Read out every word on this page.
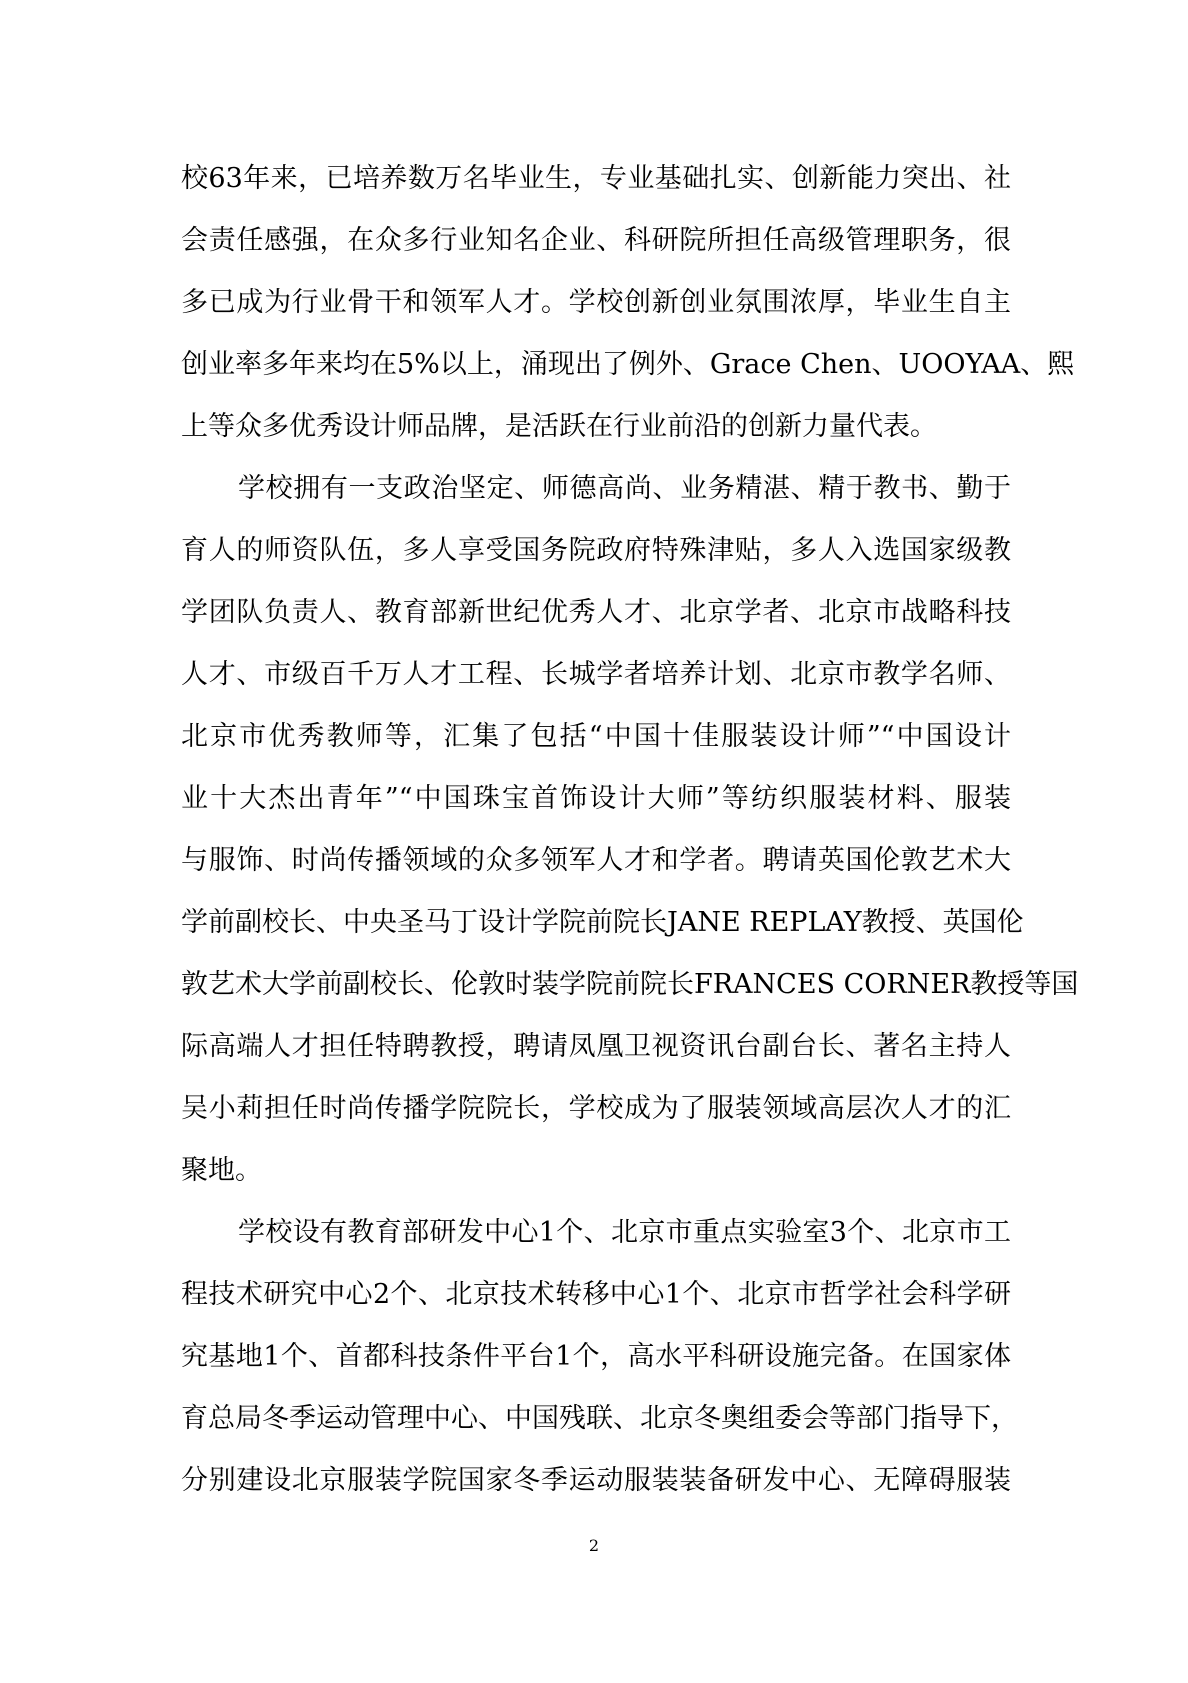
校63年来，已培养数万名毕业生，专业基础扎实、创新能力突出、社
会责任感强，在众多行业知名企业、科研院所担任高级管理职务，很
多已成为行业骨干和领军人才。学校创新创业氛围浓厚，毕业生自主
创业率多年来均在5%以上，涌现出了例外、Grace Chen、UOOYAA、熙
上等众多优秀设计师品牌，是活跃在行业前沿的创新力量代表。
学校拥有一支政治坚定、师德高尚、业务精湛、精于教书、勤于
育人的师资队伍，多人享受国务院政府特殊津贴，多人入选国家级教
学团队负责人、教育部新世纪优秀人才、北京学者、北京市战略科技
人才、市级百千万人才工程、长城学者培养计划、北京市教学名师、
北京市优秀教师等，汇集了包括“中国十佳服装设计师”“中国设计
业十大杰出青年”“中国珠宝首饰设计大师”等纺织服装材料、服装
与服饰、时尚传播领域的众多领军人才和学者。聘请英国伦敦艺术大
学前副校长、中央圣马丁设计学院前院长JANE REPLAY教授、英国伦
敦艺术大学前副校长、伦敦时装学院前院长FRANCES CORNER教授等国
际高端人才担任特聘教授，聘请凤凰卫视资讯台副台长、著名主持人
吴小莉担任时尚传播学院院长，学校成为了服装领域高层次人才的汇
聚地。
学校设有教育部研发中心1个、北京市重点实验室3个、北京市工
程技术研究中心2个、北京技术转移中心1个、北京市哲学社会科学研
究基地1个、首都科技条件平台1个，高水平科研设施完备。在国家体
育总局冬季运动管理中心、中国残联、北京冬奥组委会等部门指导下，
分别建设北京服装学院国家冬季运动服装装备研发中心、无障碍服装
2
